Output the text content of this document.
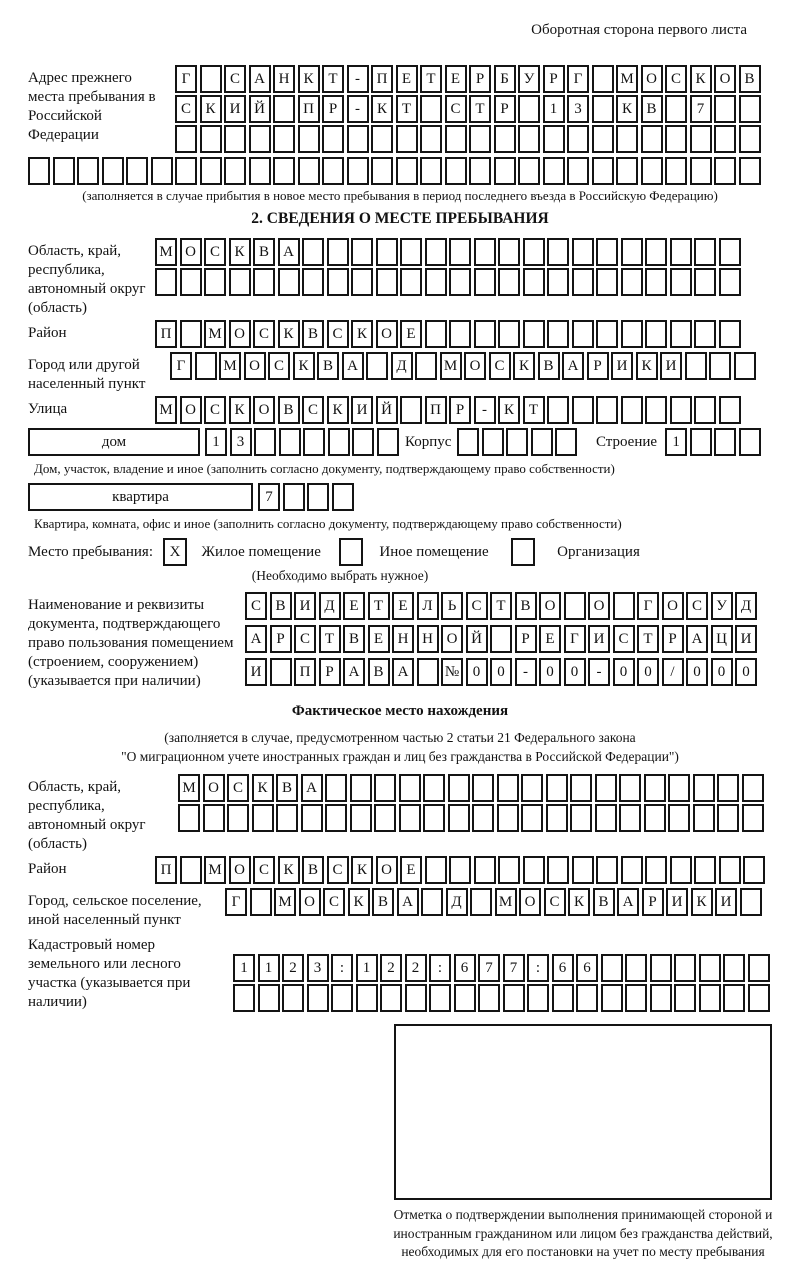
Оборотная сторона первого листа
Адрес прежнего места пребывания в Российской Федерации
Г	С А Н К Т	-	П Е	Т	Е	Р	Б У	Р	Г	М О С К О В
С К И Й	П Р	-	К Т	С Т	Р	1	3	К В	7
(заполняется в случае прибытия в новое место пребывания в период последнего въезда в Российскую Федерацию)
2. СВЕДЕНИЯ О МЕСТЕ ПРЕБЫВАНИЯ
Область, край, республика, автономный округ (область)
М О С К В А
Район	П	М О С К В С К О Е
Город или другой населенный пункт
Г	М О С К В А	Д	М О С К В А Р И К И
Улица	М О С К О В С К И Й	П Р	-	К Т
дом	1	3	Корпус	Строение	1
Дом, участок, владение и иное (заполнить согласно документу, подтверждающему право собственности)
квартира	7
Квартира, комната, офис и иное (заполнить согласно документу, подтверждающему право собственности)
Место пребывания:	X	Жилое помещение	Иное помещение	Организация
(Необходимо выбрать нужное)
Наименование и реквизиты документа, подтверждающего право пользования помещением (строением, сооружением) (указывается при наличии)
С В И Д Е	Т	Е Л	Ь	С Т В О	О	Г О С У Д
А Р	С Т В Е Н Н О Й	Р	Е	Г И С Т	Р А Ц И
И	П Р А В А	№ 0	0	-	0	0	-	0	0	/	0	0	0
Фактическое место нахождения
(заполняется в случае, предусмотренном частью 2 статьи 21 Федерального закона
"О миграционном учете иностранных граждан и лиц без гражданства в Российской Федерации")
Область, край, республика, автономный округ (область)
М О С К В А
Район	П	М О С К В С К О Е
Город, сельское поселение, иной населенный пункт
Г	М О С К В А	Д	М О С К В А Р И К И
Кадастровый номер земельного или лесного участка (указывается при наличии)
1	1	2	3	:	1	2	2	:	6	7	7	:	6	6
Отметка о подтверждении выполнения принимающей стороной и иностранным гражданином или лицом без гражданства действий, необходимых для его постановки на учет по месту пребывания
